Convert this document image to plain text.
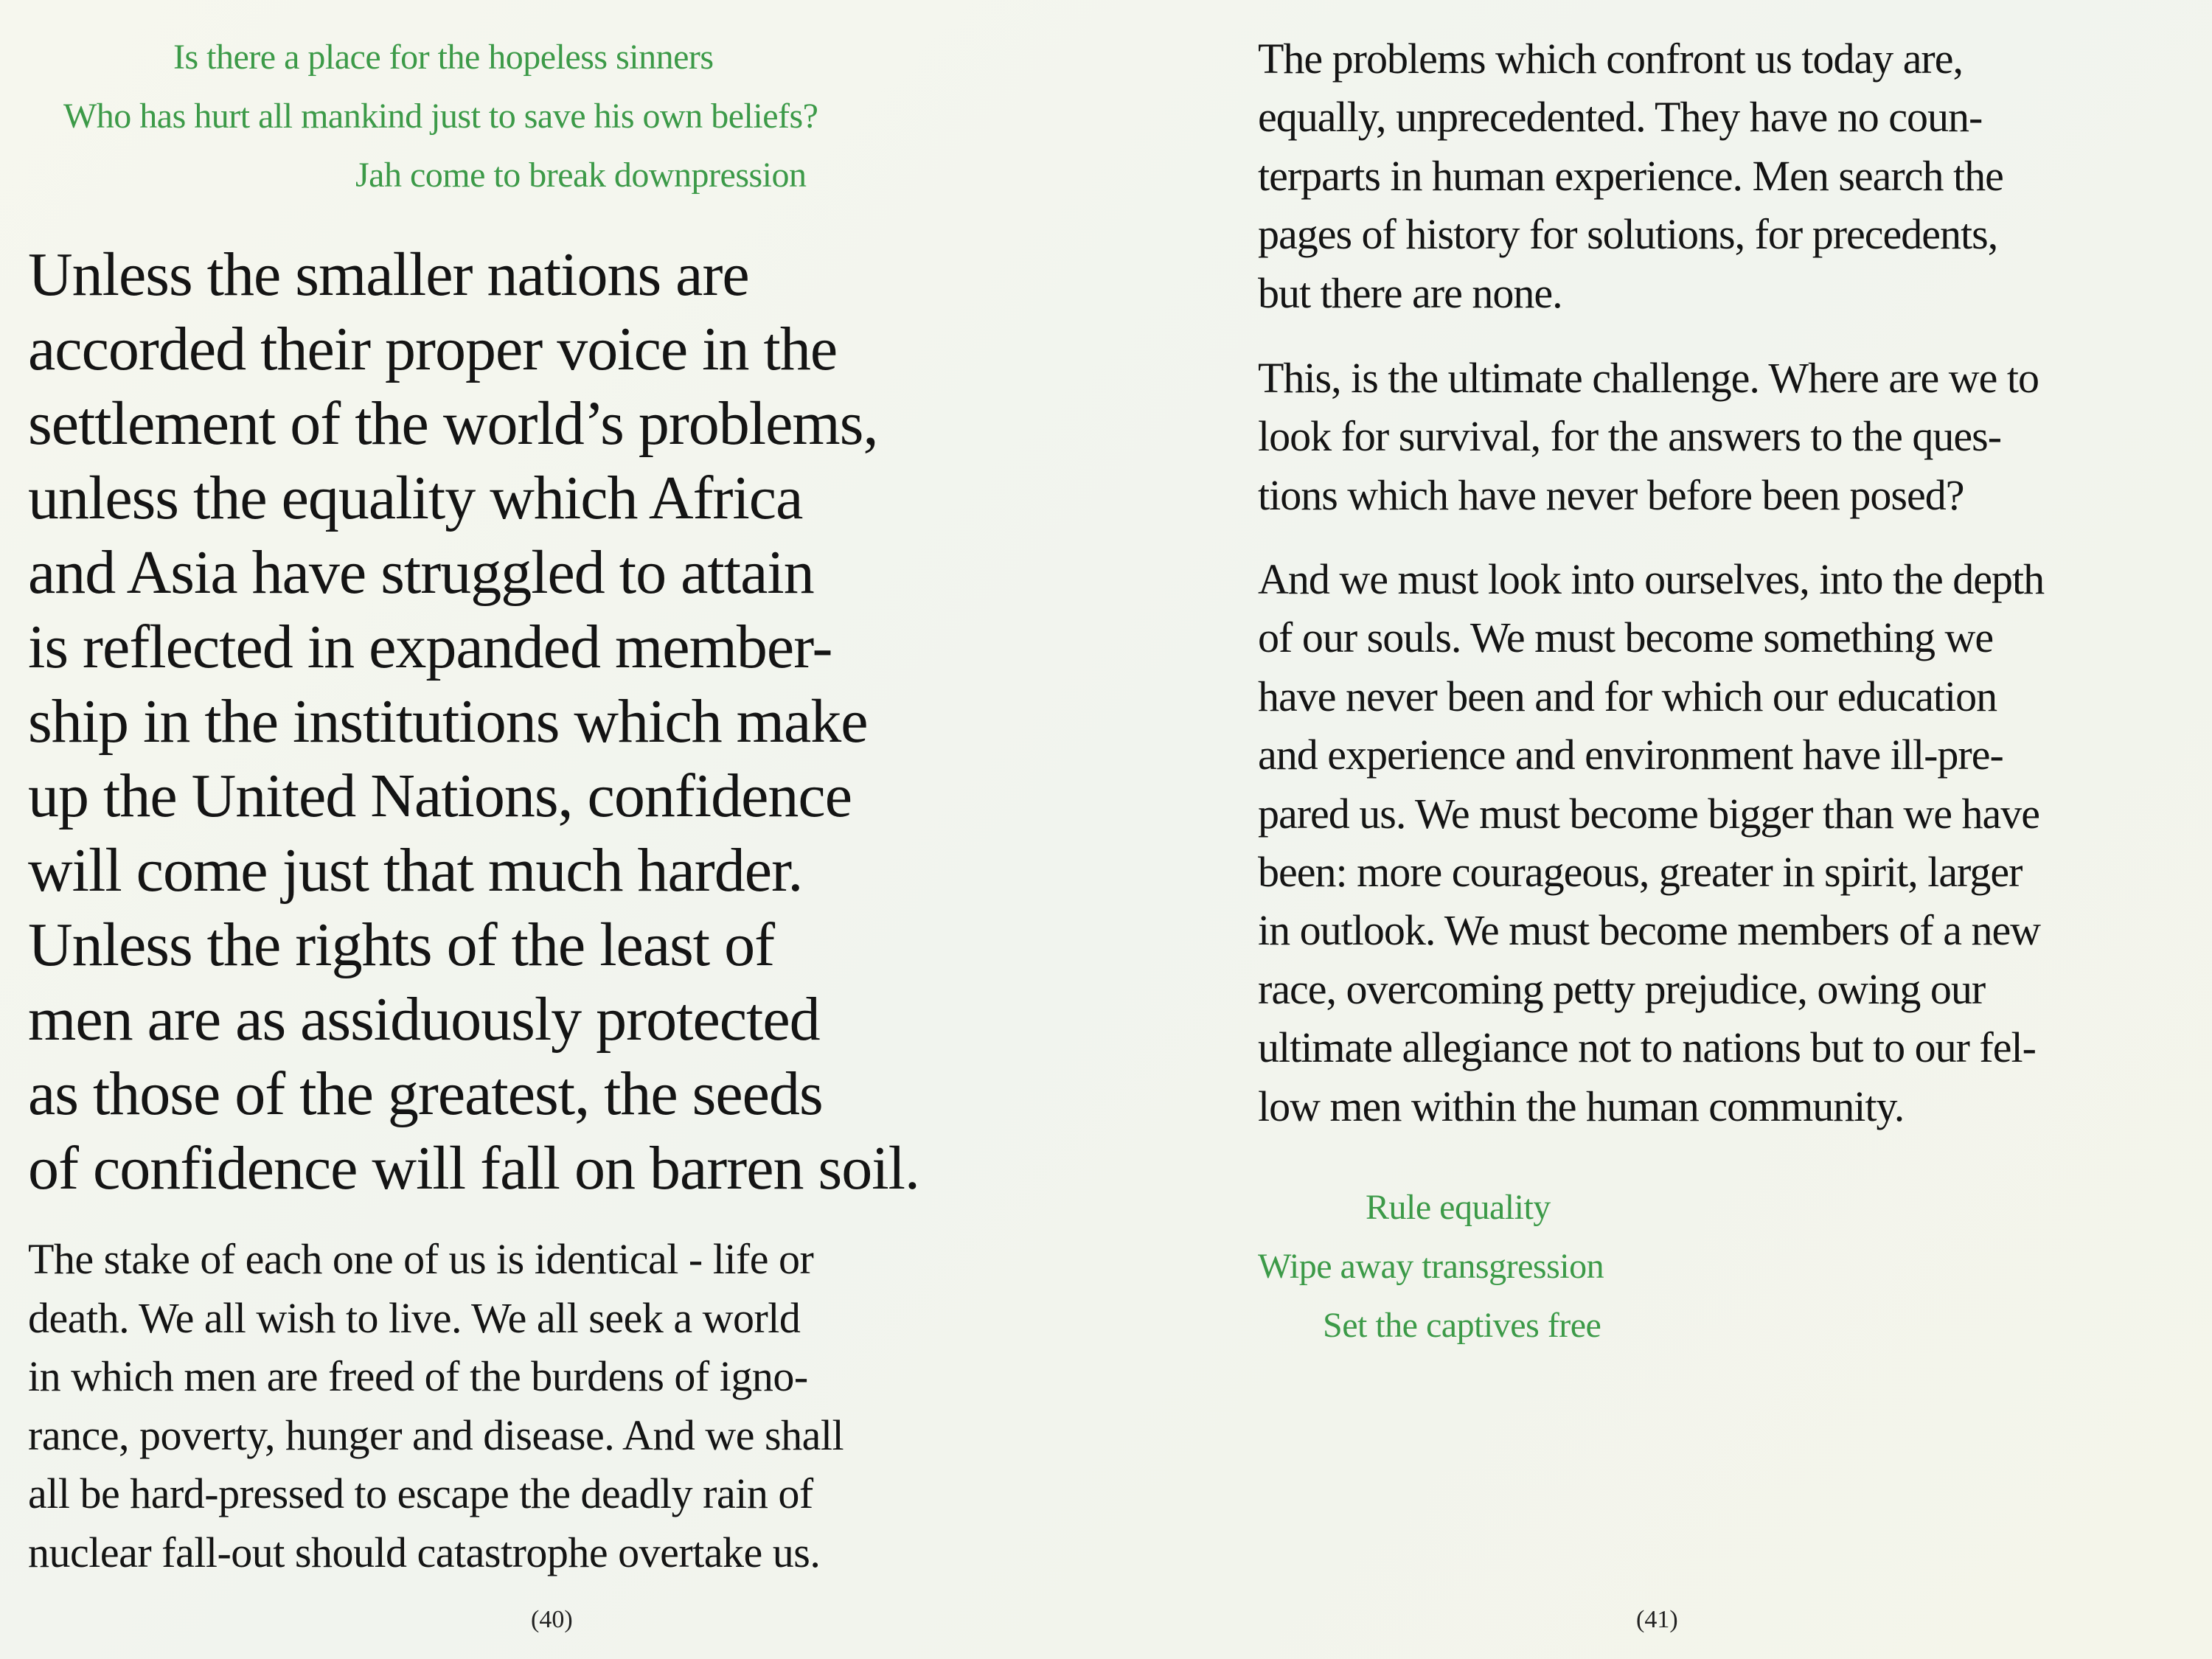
Unless the smaller nations are
accorded their proper voice in the
settlement of the world’s problems,
unless the equality which Africa
and Asia have struggled to attain
is reflected in expanded member-
ship in the institutions which make
up the United Nations, confidence
will come just that much harder.
Unless the rights of the least of
men are as assiduously protected
as those of the greatest, the seeds
of confidence will fall on barren soil.
The stake of each one of us is identical - life or
death. We all wish to live. We all seek a world
in which men are freed of the burdens of igno-
rance, poverty, hunger and disease. And we shall
all be hard-pressed to escape the deadly rain of
nuclear fall-out should catastrophe overtake us.
(40)
The problems which confront us today are,
equally, unprecedented. They have no coun-
terparts in human experience. Men search the
pages of history for solutions, for precedents,
but there are none.
This, is the ultimate challenge. Where are we to
look for survival, for the answers to the ques-
tions which have never before been posed?
And we must look into ourselves, into the depth
of our souls. We must become something we
have never been and for which our education
and experience and environment have ill-pre-
pared us. We must become bigger than we have
been: more courageous, greater in spirit, larger
in outlook. We must become members of a new
race, overcoming petty prejudice, owing our
ultimate allegiance not to nations but to our fel-
low men within the human community.
(41)
Is there a place for the hopeless sinners
Who has hurt all mankind just to save his own beliefs?
Jah come to break downpression
Rule equality
Wipe away transgression
Set the captives free
